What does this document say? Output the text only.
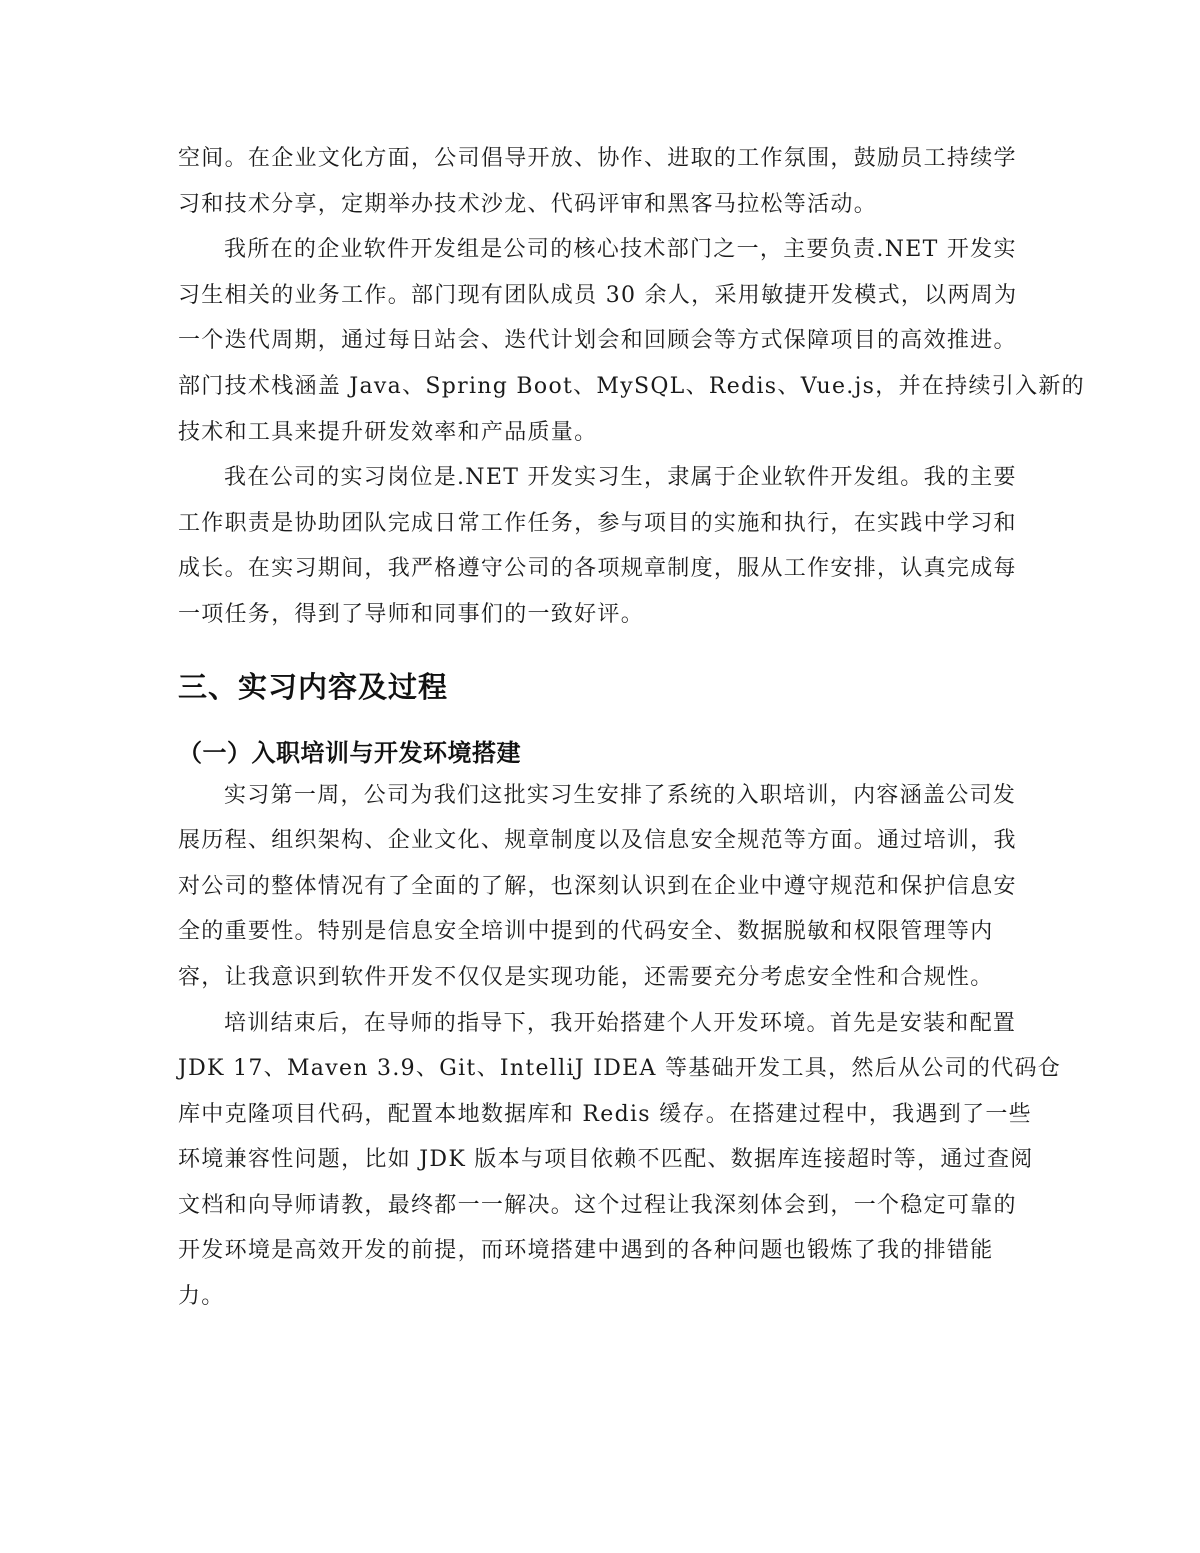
空间。在企业文化方面，公司倡导开放、协作、进取的工作氛围，鼓励员工持续学
习和技术分享，定期举办技术沙龙、代码评审和黑客马拉松等活动。
我所在的企业软件开发组是公司的核心技术部门之一，主要负责.NET 开发实
习生相关的业务工作。部门现有团队成员 30 余人，采用敏捷开发模式，以两周为
一个迭代周期，通过每日站会、迭代计划会和回顾会等方式保障项目的高效推进。
部门技术栈涵盖 Java、Spring Boot、MySQL、Redis、Vue.js，并在持续引入新的
技术和工具来提升研发效率和产品质量。
我在公司的实习岗位是.NET 开发实习生，隶属于企业软件开发组。我的主要
工作职责是协助团队完成日常工作任务，参与项目的实施和执行，在实践中学习和
成长。在实习期间，我严格遵守公司的各项规章制度，服从工作安排，认真完成每
一项任务，得到了导师和同事们的一致好评。
三、实习内容及过程
（一）入职培训与开发环境搭建
实习第一周，公司为我们这批实习生安排了系统的入职培训，内容涵盖公司发
展历程、组织架构、企业文化、规章制度以及信息安全规范等方面。通过培训，我
对公司的整体情况有了全面的了解，也深刻认识到在企业中遵守规范和保护信息安
全的重要性。特别是信息安全培训中提到的代码安全、数据脱敏和权限管理等内
容，让我意识到软件开发不仅仅是实现功能，还需要充分考虑安全性和合规性。
培训结束后，在导师的指导下，我开始搭建个人开发环境。首先是安装和配置
JDK 17、Maven 3.9、Git、IntelliJ IDEA 等基础开发工具，然后从公司的代码仓
库中克隆项目代码，配置本地数据库和 Redis 缓存。在搭建过程中，我遇到了一些
环境兼容性问题，比如 JDK 版本与项目依赖不匹配、数据库连接超时等，通过查阅
文档和向导师请教，最终都一一解决。这个过程让我深刻体会到，一个稳定可靠的
开发环境是高效开发的前提，而环境搭建中遇到的各种问题也锻炼了我的排错能
力。
